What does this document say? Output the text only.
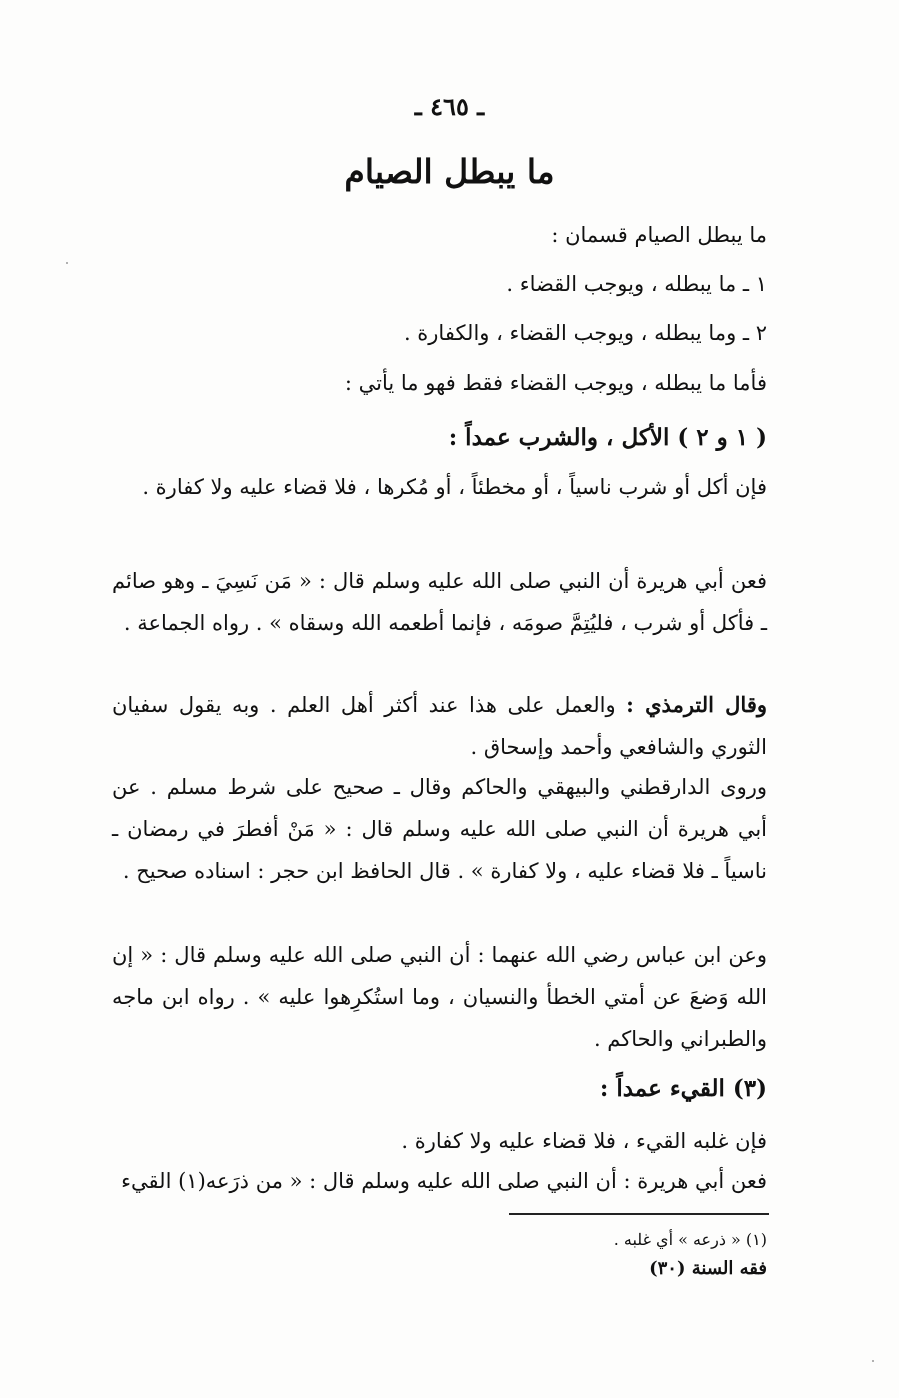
ـ ٤٦٥ ـ
ما يبطل الصيام

ما يبطل الصيام قسمان :

١ ـ ما يبطله ، ويوجب القضاء .

٢ ـ وما يبطله ، ويوجب القضاء ، والكفارة .

فأما ما يبطله ، ويوجب القضاء فقط فهو ما يأتي :

( ١ و ٢ ) الأكل ، والشرب عمداً :

فإن أكل أو شرب ناسياً ، أو مخطئاً ، أو مُكرها ، فلا قضاء عليه ولا كفارة .

فعن أبي هريرة أن النبي صلى الله عليه وسلم قال : « مَن نَسِيَ ـ وهو صائم ـ فأكل أو شرب ، فليُتِمَّ صومَه ، فإنما أطعمه الله وسقاه » . رواه الجماعة .

وقال الترمذي : والعمل على هذا عند أكثر أهل العلم . وبه يقول سفيان الثوري والشافعي وأحمد وإسحاق .

وروى الدارقطني والبيهقي والحاكم وقال ـ صحيح على شرط مسلم . عن أبي هريرة أن النبي صلى الله عليه وسلم قال : « مَنْ أفطرَ في رمضان ـ ناسياً ـ فلا قضاء عليه ، ولا كفارة » . قال الحافظ ابن حجر : اسناده صحيح .

وعن ابن عباس رضي الله عنهما : أن النبي صلى الله عليه وسلم قال : « إن الله وَضعَ عن أمتي الخطأ والنسيان ، وما استُكرِهوا عليه » . رواه ابن ماجه والطبراني والحاكم .

(٣) القيء عمداً :

فإن غلبه القيء ، فلا قضاء عليه ولا كفارة .

فعن أبي هريرة : أن النبي صلى الله عليه وسلم قال : « من ذرَعه(١) القيء

(١) « ذرعه » أي غلبه .
فقه السنة (٣٠)
